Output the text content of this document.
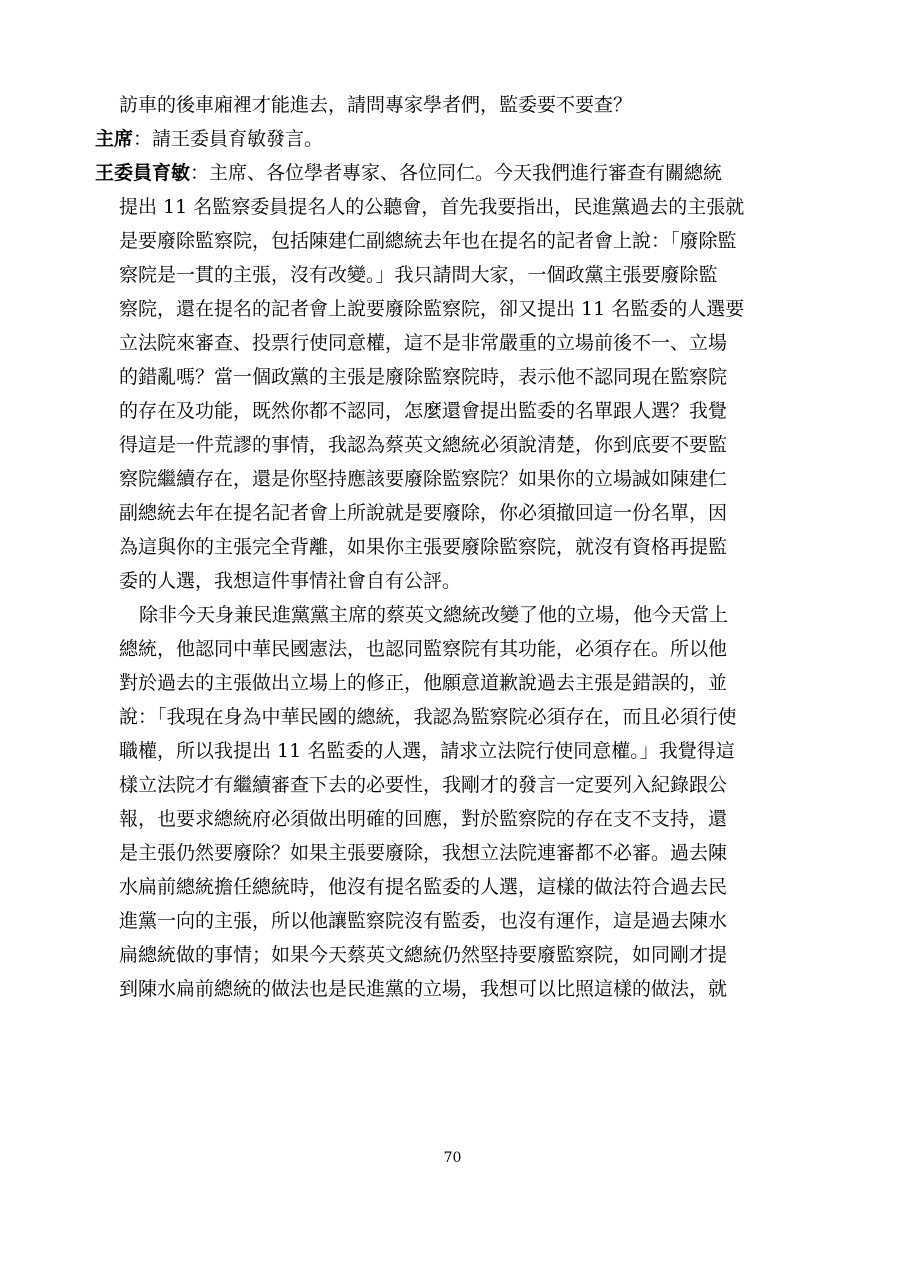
訪車的後車廂裡才能進去，請問專家學者們，監委要不要查？
主席：請王委員育敏發言。
王委員育敏：主席、各位學者專家、各位同仁。今天我們進行審查有關總統
提出 11 名監察委員提名人的公聽會，首先我要指出，民進黨過去的主張就
是要廢除監察院，包括陳建仁副總統去年也在提名的記者會上說：「廢除監
察院是一貫的主張，沒有改變。」我只請問大家，一個政黨主張要廢除監
察院，還在提名的記者會上說要廢除監察院，卻又提出 11 名監委的人選要
立法院來審查、投票行使同意權，這不是非常嚴重的立場前後不一、立場
的錯亂嗎？當一個政黨的主張是廢除監察院時，表示他不認同現在監察院
的存在及功能，既然你都不認同，怎麼還會提出監委的名單跟人選？我覺
得這是一件荒謬的事情，我認為蔡英文總統必須說清楚，你到底要不要監
察院繼續存在，還是你堅持應該要廢除監察院？如果你的立場誠如陳建仁
副總統去年在提名記者會上所說就是要廢除，你必須撤回這一份名單，因
為這與你的主張完全背離，如果你主張要廢除監察院，就沒有資格再提監
委的人選，我想這件事情社會自有公評。
除非今天身兼民進黨黨主席的蔡英文總統改變了他的立場，他今天當上
總統，他認同中華民國憲法，也認同監察院有其功能，必須存在。所以他
對於過去的主張做出立場上的修正，他願意道歉說過去主張是錯誤的，並
說：「我現在身為中華民國的總統，我認為監察院必須存在，而且必須行使
職權，所以我提出 11 名監委的人選，請求立法院行使同意權。」我覺得這
樣立法院才有繼續審查下去的必要性，我剛才的發言一定要列入紀錄跟公
報，也要求總統府必須做出明確的回應，對於監察院的存在支不支持，還
是主張仍然要廢除？如果主張要廢除，我想立法院連審都不必審。過去陳
水扁前總統擔任總統時，他沒有提名監委的人選，這樣的做法符合過去民
進黨一向的主張，所以他讓監察院沒有監委，也沒有運作，這是過去陳水
扁總統做的事情；如果今天蔡英文總統仍然堅持要廢監察院，如同剛才提
到陳水扁前總統的做法也是民進黨的立場，我想可以比照這樣的做法，就
70
